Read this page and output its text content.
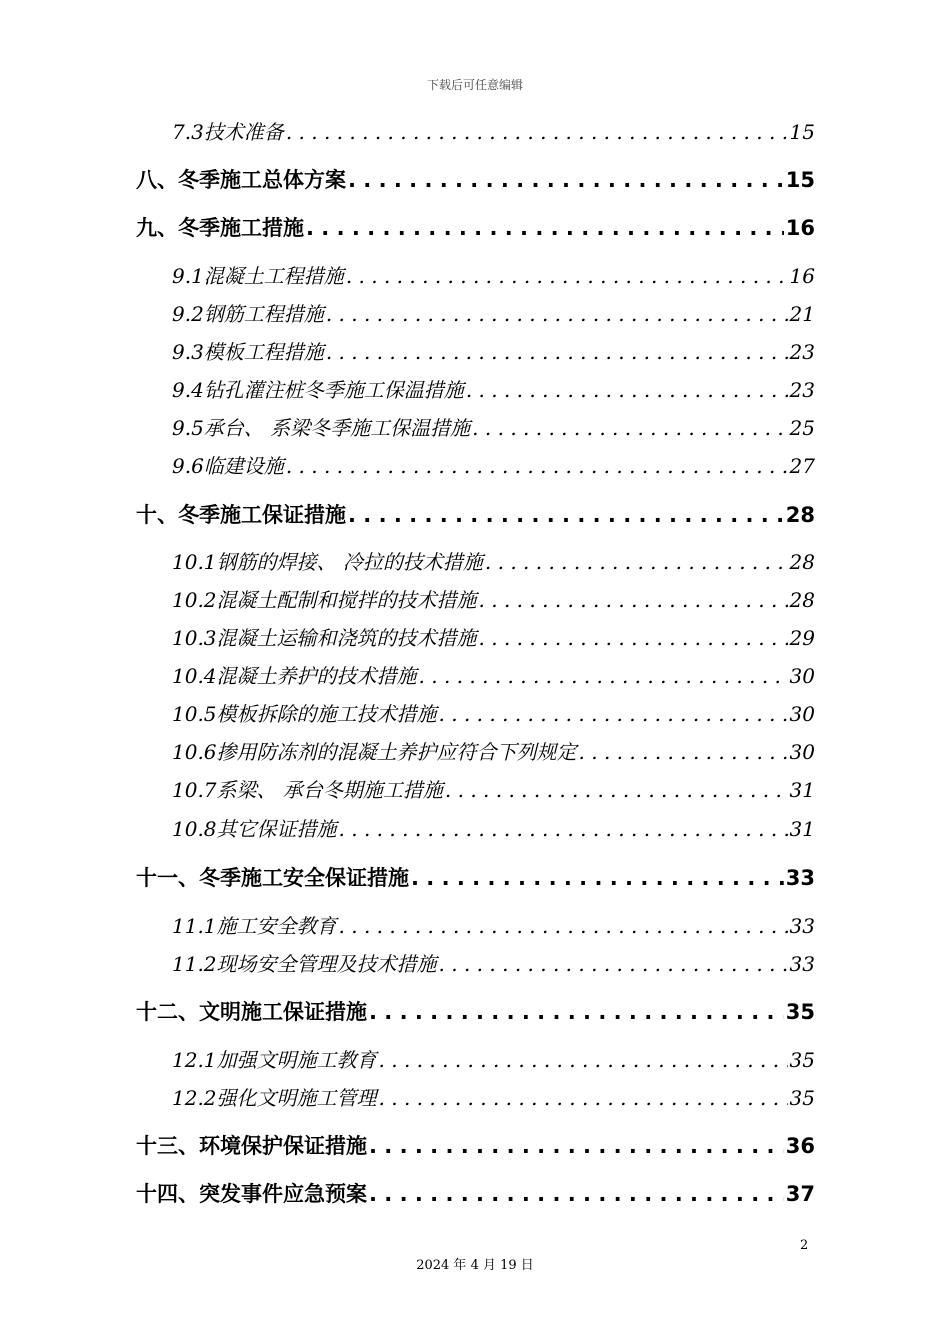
下载后可任意编辑
7.3技术准备 . . .	15
八、 冬季施工总体方案 . . .	15
九、 冬季施工措施 . . .	16
9.1混凝土工程措施 . . .	16
9.2钢筋工程措施 . . .	21
9.3模板工程措施 . . .	23
9.4钻孔灌注桩冬季施工保温措施 . . .	23
9.5承台、 系梁冬季施工保温措施 . . .	25
9.6临建设施 . . .	27
十、 冬季施工保证措施 . . .	28
10.1钢筋的焊接、 冷拉的技术措施 . . .	28
10.2混凝土配制和搅拌的技术措施 . . .	28
10.3混凝土运输和浇筑的技术措施 . . .	29
10.4混凝土养护的技术措施 . . .	30
10.5模板拆除的施工技术措施 . . .	30
10.6掺用防冻剂的混凝土养护应符合下列规定 . . .	30
10.7系梁、 承台冬期施工措施 . . .	31
10.8其它保证措施 . . .	31
十一、 冬季施工安全保证措施 . . .	33
11.1施工安全教育 . . .	33
11.2现场安全管理及技术措施 . . .	33
十二、 文明施工保证措施 . . .	35
12.1加强文明施工教育 . . .	35
12.2强化文明施工管理 . . .	35
十三、 环境保护保证措施 . . .	36
十四、 突发事件应急预案 . . .	37
2
2024 年 4 月 19 日
